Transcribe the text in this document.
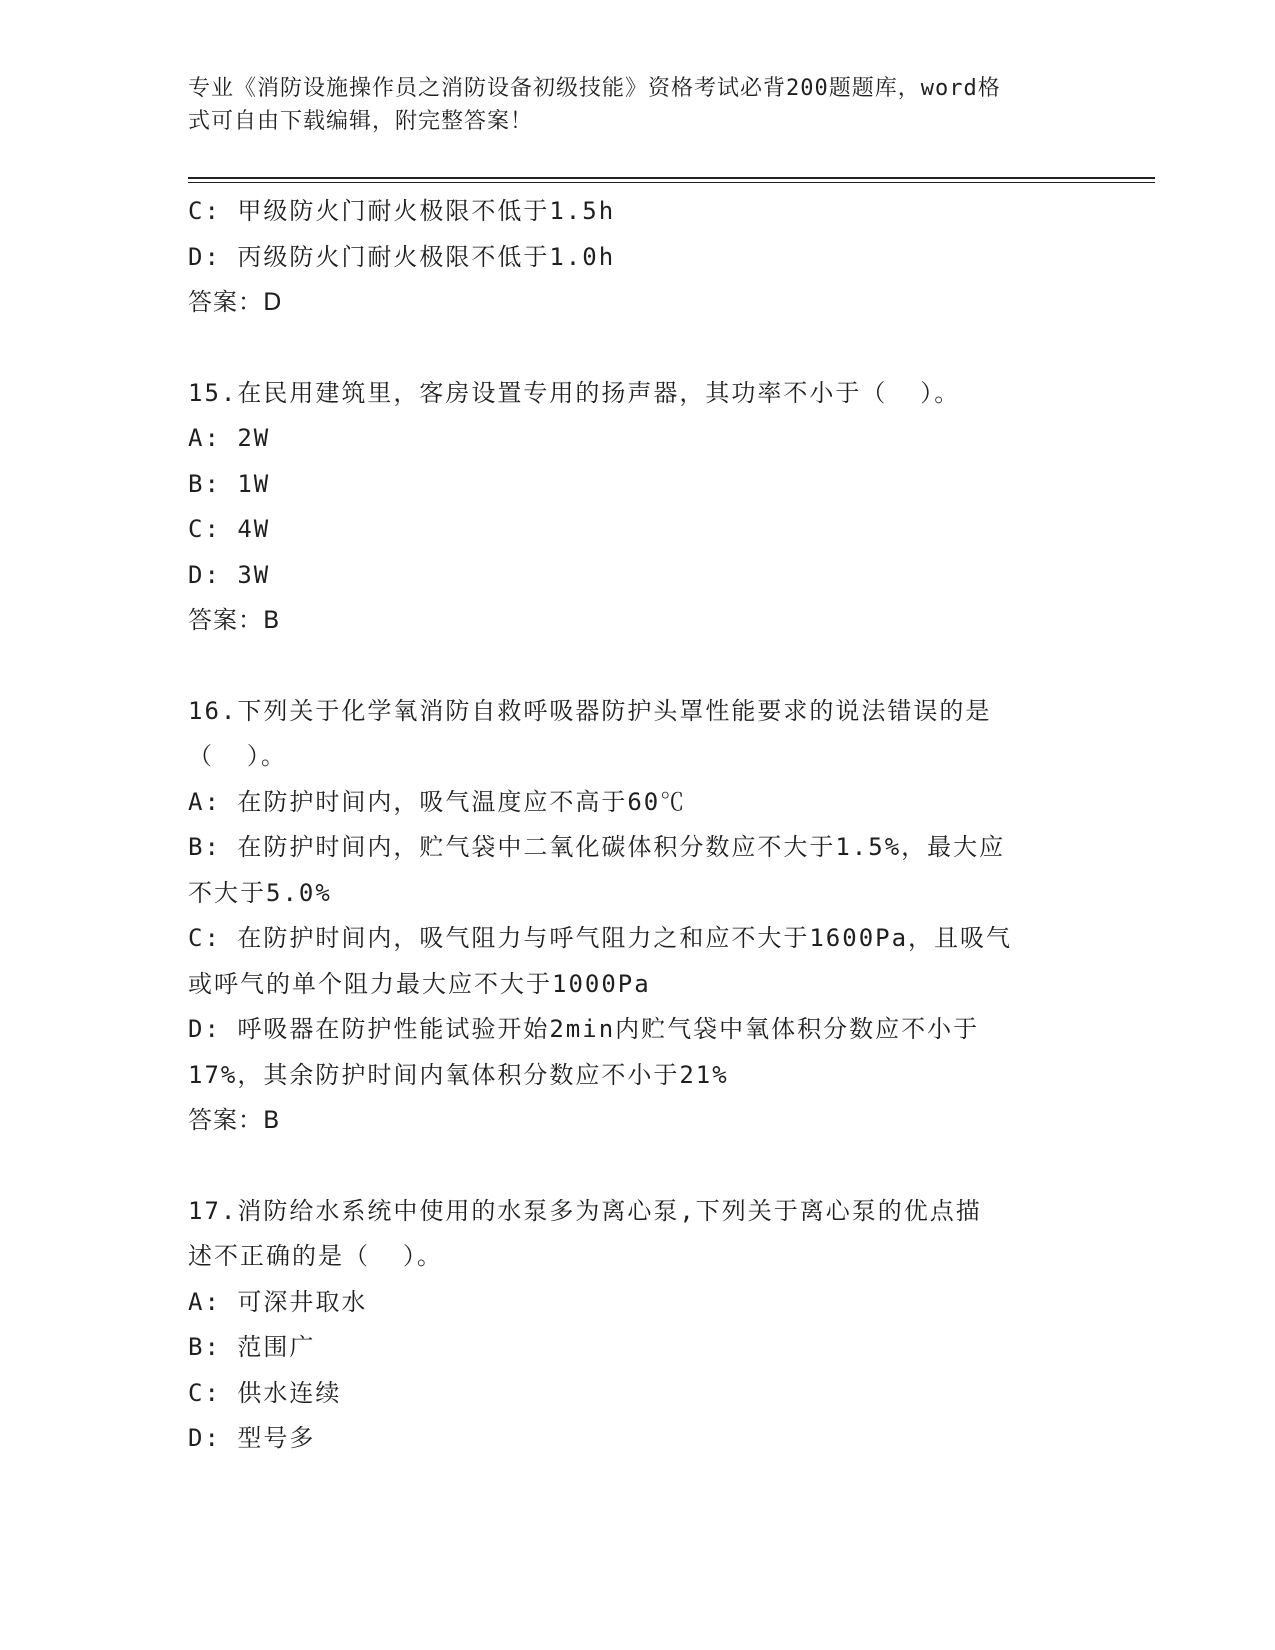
专业《消防设施操作员之消防设备初级技能》资格考试必背200题题库，word格
式可自由下载编辑，附完整答案！
C: 甲级防火门耐火极限不低于1.5h
D: 丙级防火门耐火极限不低于1.0h
答案：D
15.在民用建筑里，客房设置专用的扬声器，其功率不小于（  ）。
A: 2W
B: 1W
C: 4W
D: 3W
答案：B
16.下列关于化学氧消防自救呼吸器防护头罩性能要求的说法错误的是
（  ）。
A: 在防护时间内，吸气温度应不高于60℃
B: 在防护时间内，贮气袋中二氧化碳体积分数应不大于1.5%，最大应
不大于5.0%
C: 在防护时间内，吸气阻力与呼气阻力之和应不大于1600Pa，且吸气
或呼气的单个阻力最大应不大于1000Pa
D: 呼吸器在防护性能试验开始2min内贮气袋中氧体积分数应不小于
17%，其余防护时间内氧体积分数应不小于21%
答案：B
17.消防给水系统中使用的水泵多为离心泵,下列关于离心泵的优点描
述不正确的是（  ）。
A: 可深井取水
B: 范围广
C: 供水连续
D: 型号多
